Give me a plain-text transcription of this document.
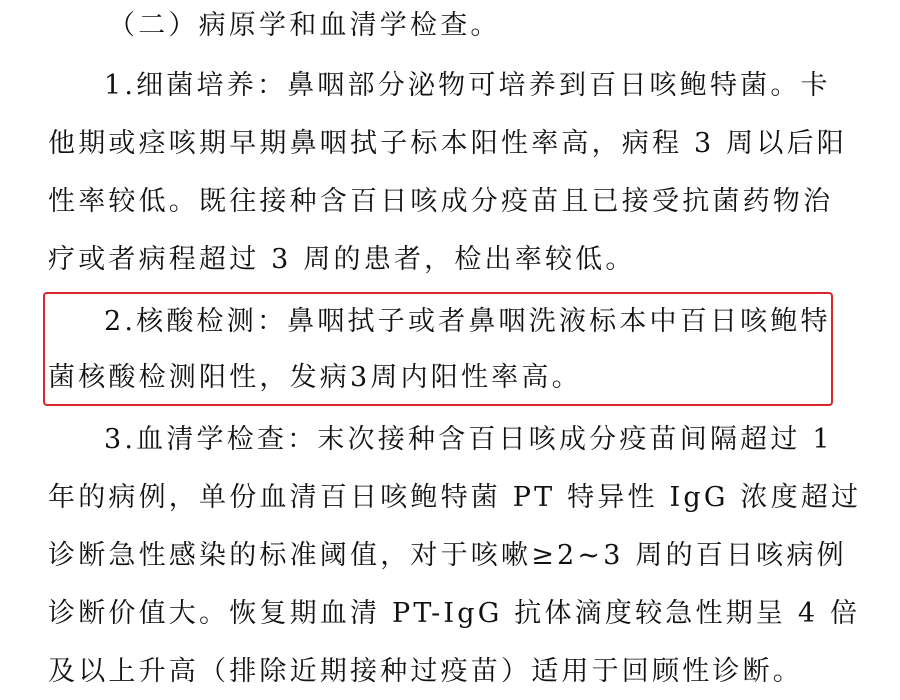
（二）病原学和血清学检查。
1.细菌培养：鼻咽部分泌物可培养到百日咳鲍特菌。卡
他期或痉咳期早期鼻咽拭子标本阳性率高，病程 3 周以后阳
性率较低。既往接种含百日咳成分疫苗且已接受抗菌药物治
疗或者病程超过 3 周的患者，检出率较低。
2.核酸检测：鼻咽拭子或者鼻咽洗液标本中百日咳鲍特
菌核酸检测阳性，发病3周内阳性率高。
3.血清学检查：末次接种含百日咳成分疫苗间隔超过 1
年的病例，单份血清百日咳鲍特菌 PT 特异性 IgG 浓度超过
诊断急性感染的标准阈值，对于咳嗽≥2~3 周的百日咳病例
诊断价值大。恢复期血清 PT-IgG 抗体滴度较急性期呈 4 倍
及以上升高（排除近期接种过疫苗）适用于回顾性诊断。
